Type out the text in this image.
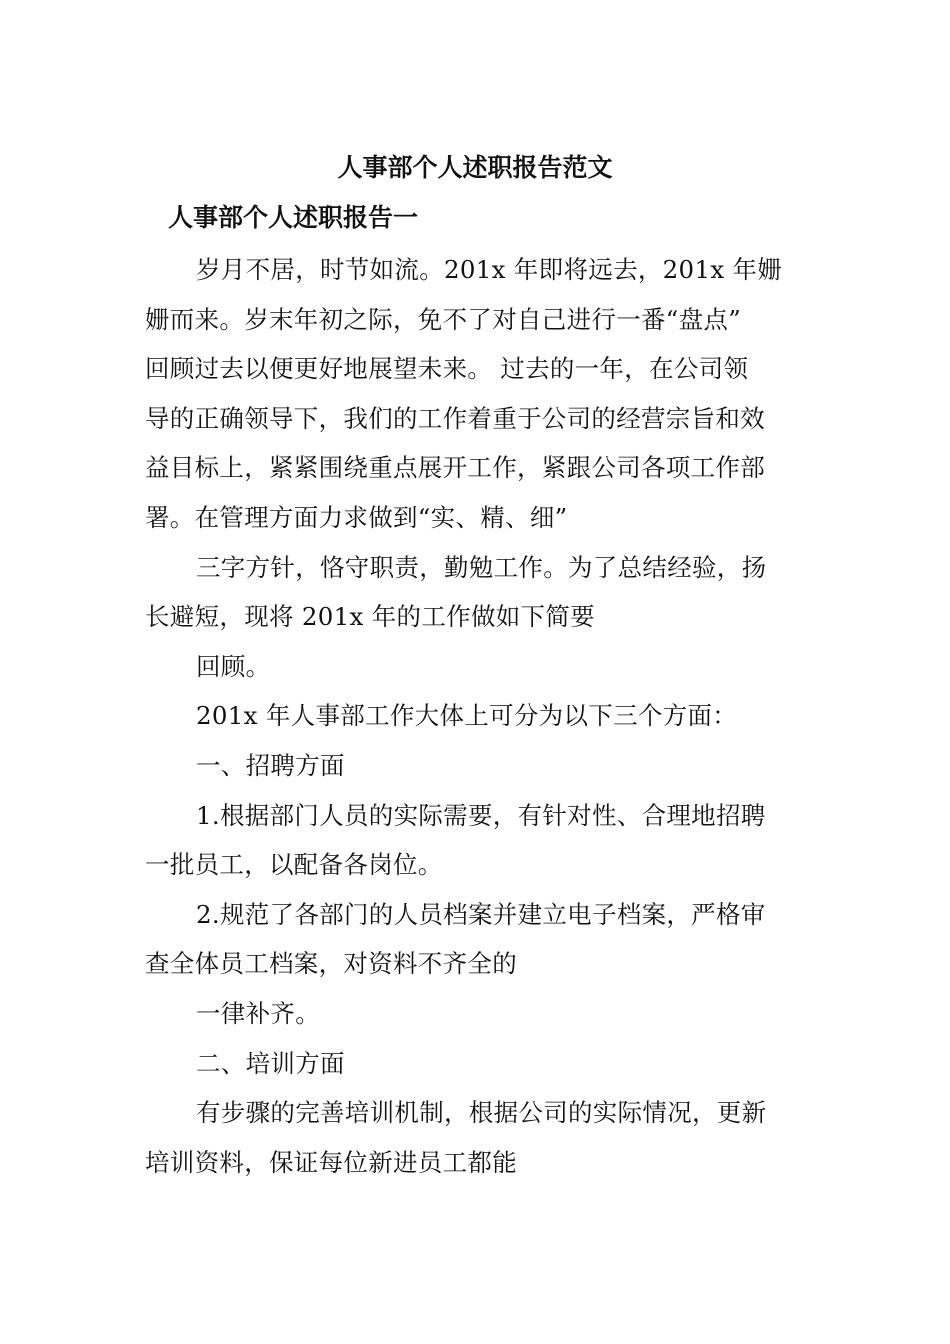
人事部个人述职报告范文
人事部个人述职报告一
岁月不居，时节如流。201x 年即将远去，201x 年姗
姗而来。岁末年初之际，免不了对自己进行一番“盘点”
回顾过去以便更好地展望未来。 过去的一年，在公司领
导的正确领导下，我们的工作着重于公司的经营宗旨和效
益目标上，紧紧围绕重点展开工作，紧跟公司各项工作部
署。在管理方面力求做到“实、精、细”
三字方针，恪守职责，勤勉工作。为了总结经验，扬
长避短，现将 201x 年的工作做如下简要
回顾。
201x 年人事部工作大体上可分为以下三个方面：
一、招聘方面
1.根据部门人员的实际需要，有针对性、合理地招聘
一批员工，以配备各岗位。
2.规范了各部门的人员档案并建立电子档案，严格审
查全体员工档案，对资料不齐全的
一律补齐。
二、培训方面
有步骤的完善培训机制，根据公司的实际情况，更新
培训资料，保证每位新进员工都能
